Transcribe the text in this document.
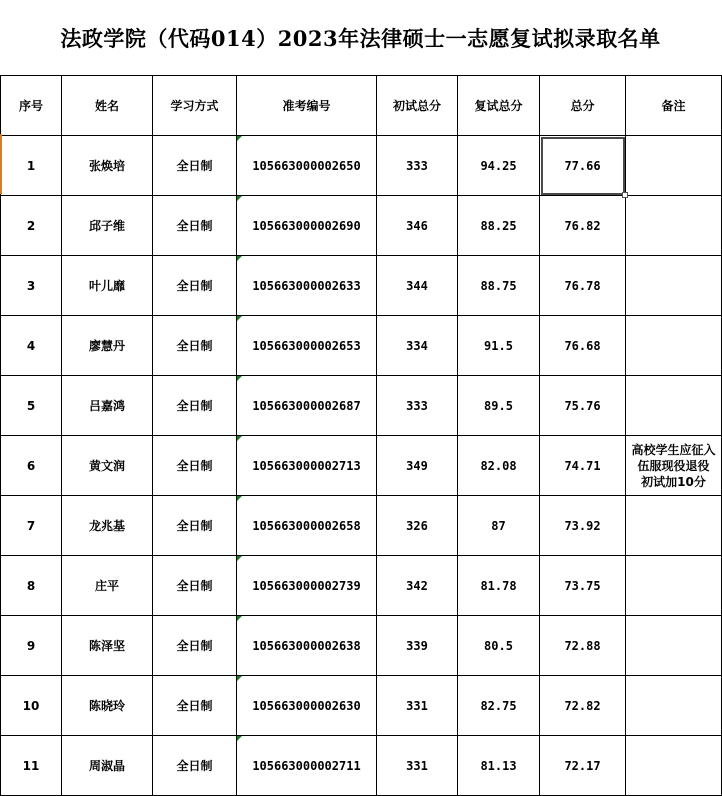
法政学院（代码014）2023年法律硕士一志愿复试拟录取名单
序号	姓名	学习方式	准考编号	初试总分	复试总分	总分	备注
1	张焕培	全日制	105663000002650	333	94.25	77.66

2	邱子维	全日制	105663000002690	346	88.25	76.82	
3	叶儿靡	全日制	105663000002633	344	88.75	76.78	
4	廖慧丹	全日制	105663000002653	334	91.5	76.68	
5	吕嘉鸿	全日制	105663000002687	333	89.5	75.76	
6	黄文润	全日制	105663000002713	349	82.08	74.71	高校学生应征入
伍服现役退役
初试加10分
7	龙兆基	全日制	105663000002658	326	87	73.92	
8	庄平	全日制	105663000002739	342	81.78	73.75	
9	陈泽坚	全日制	105663000002638	339	80.5	72.88	
10	陈晓玲	全日制	105663000002630	331	82.75	72.82	
11	周淑晶	全日制	105663000002711	331	81.13	72.17	
